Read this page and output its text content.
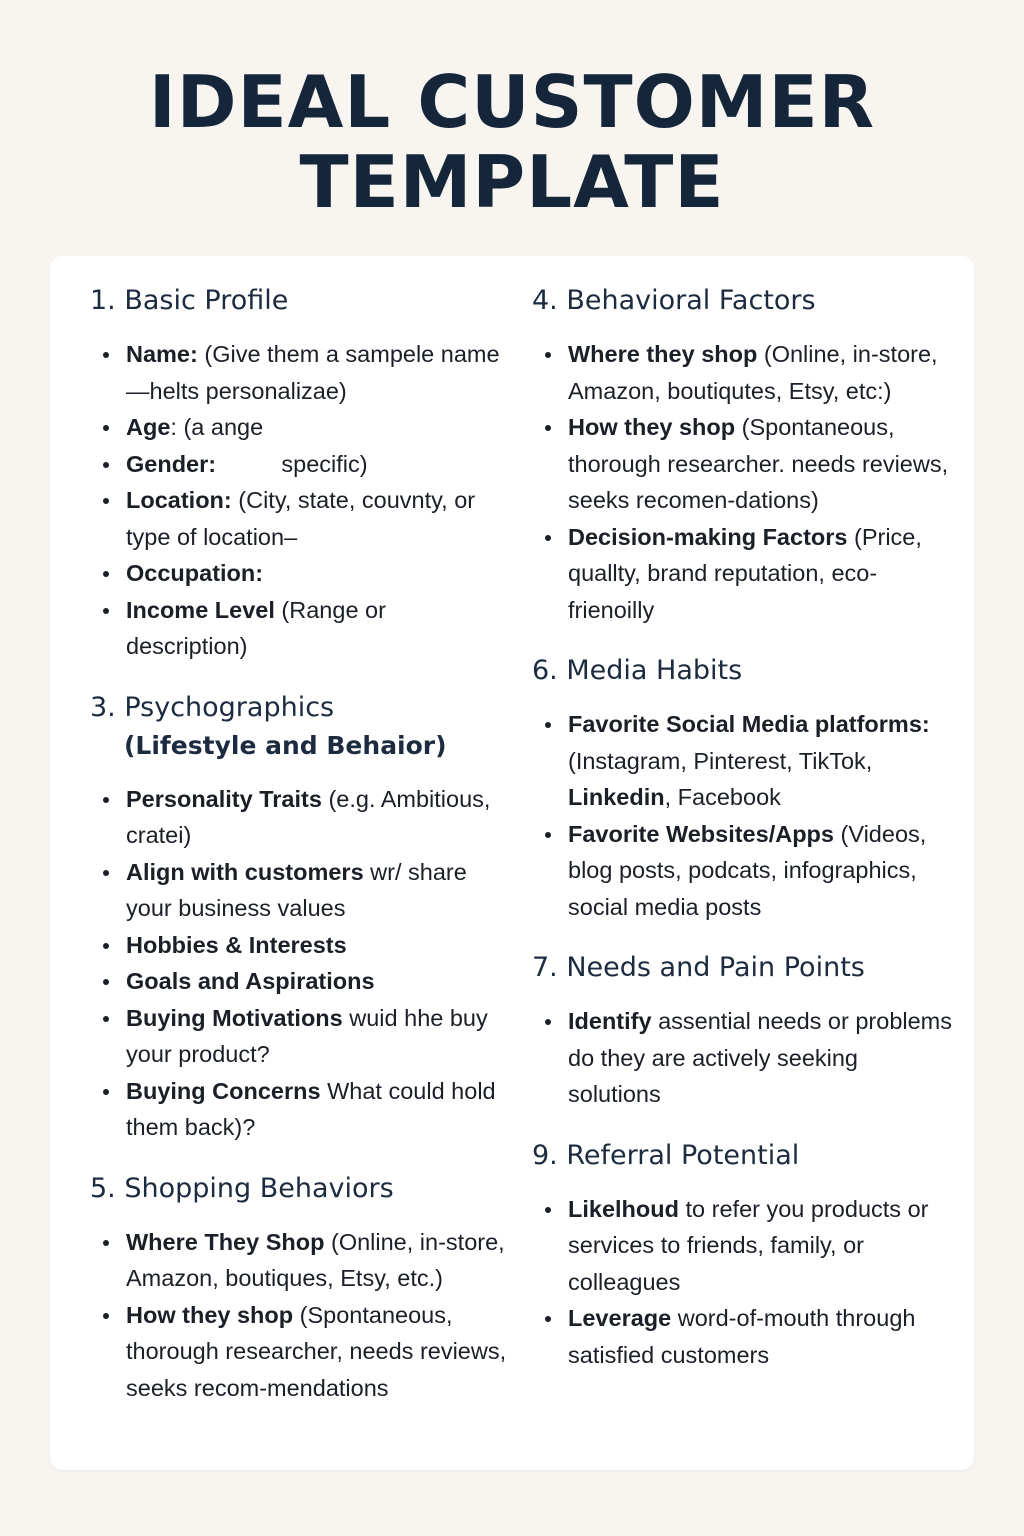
IDEAL CUSTOMER
TEMPLATE
1. Basic Profile
Name: (Give them a sampele name—helts personalizae)
Age: (a ange
Gender:          specific)
Location: (City, state, couvnty, or type of location–
Occupation:
Income Level (Range or description)
3. Psychographics
(Lifestyle and Behaior)
Personality Traits (e.g. Ambitious, cratei)
Align with customers wr/ share your business values
Hobbies & Interests
Goals and Aspirations
Buying Motivations wuid hhe buy your product?
Buying Concerns What could hold them back)?
5. Shopping Behaviors
Where They Shop (Online, in-store, Amazon, boutiques, Etsy, etc.)
How they shop (Spontaneous, thorough researcher, needs reviews, seeks recom-mendations
4. Behavioral Factors
Where they shop (Online, in-store, Amazon, boutiqutes, Etsy, etc:)
How they shop (Spontaneous, thorough researcher. needs reviews, seeks recomen-dations)
Decision-making Factors (Price, quallty, brand reputation, eco-frienoilly
6. Media Habits
Favorite Social Media platforms: (Instagram, Pinterest, TikTok, Linkedin, Facebook
Favorite Websites/Apps (Videos, blog posts, podcats, infographics, social media posts
7. Needs and Pain Points
Identify assential needs or problems do they are actively seeking solutions
9. Referral Potential
Likelhoud to refer you products or services to friends, family, or colleagues
Leverage word-of-mouth through satisfied customers
